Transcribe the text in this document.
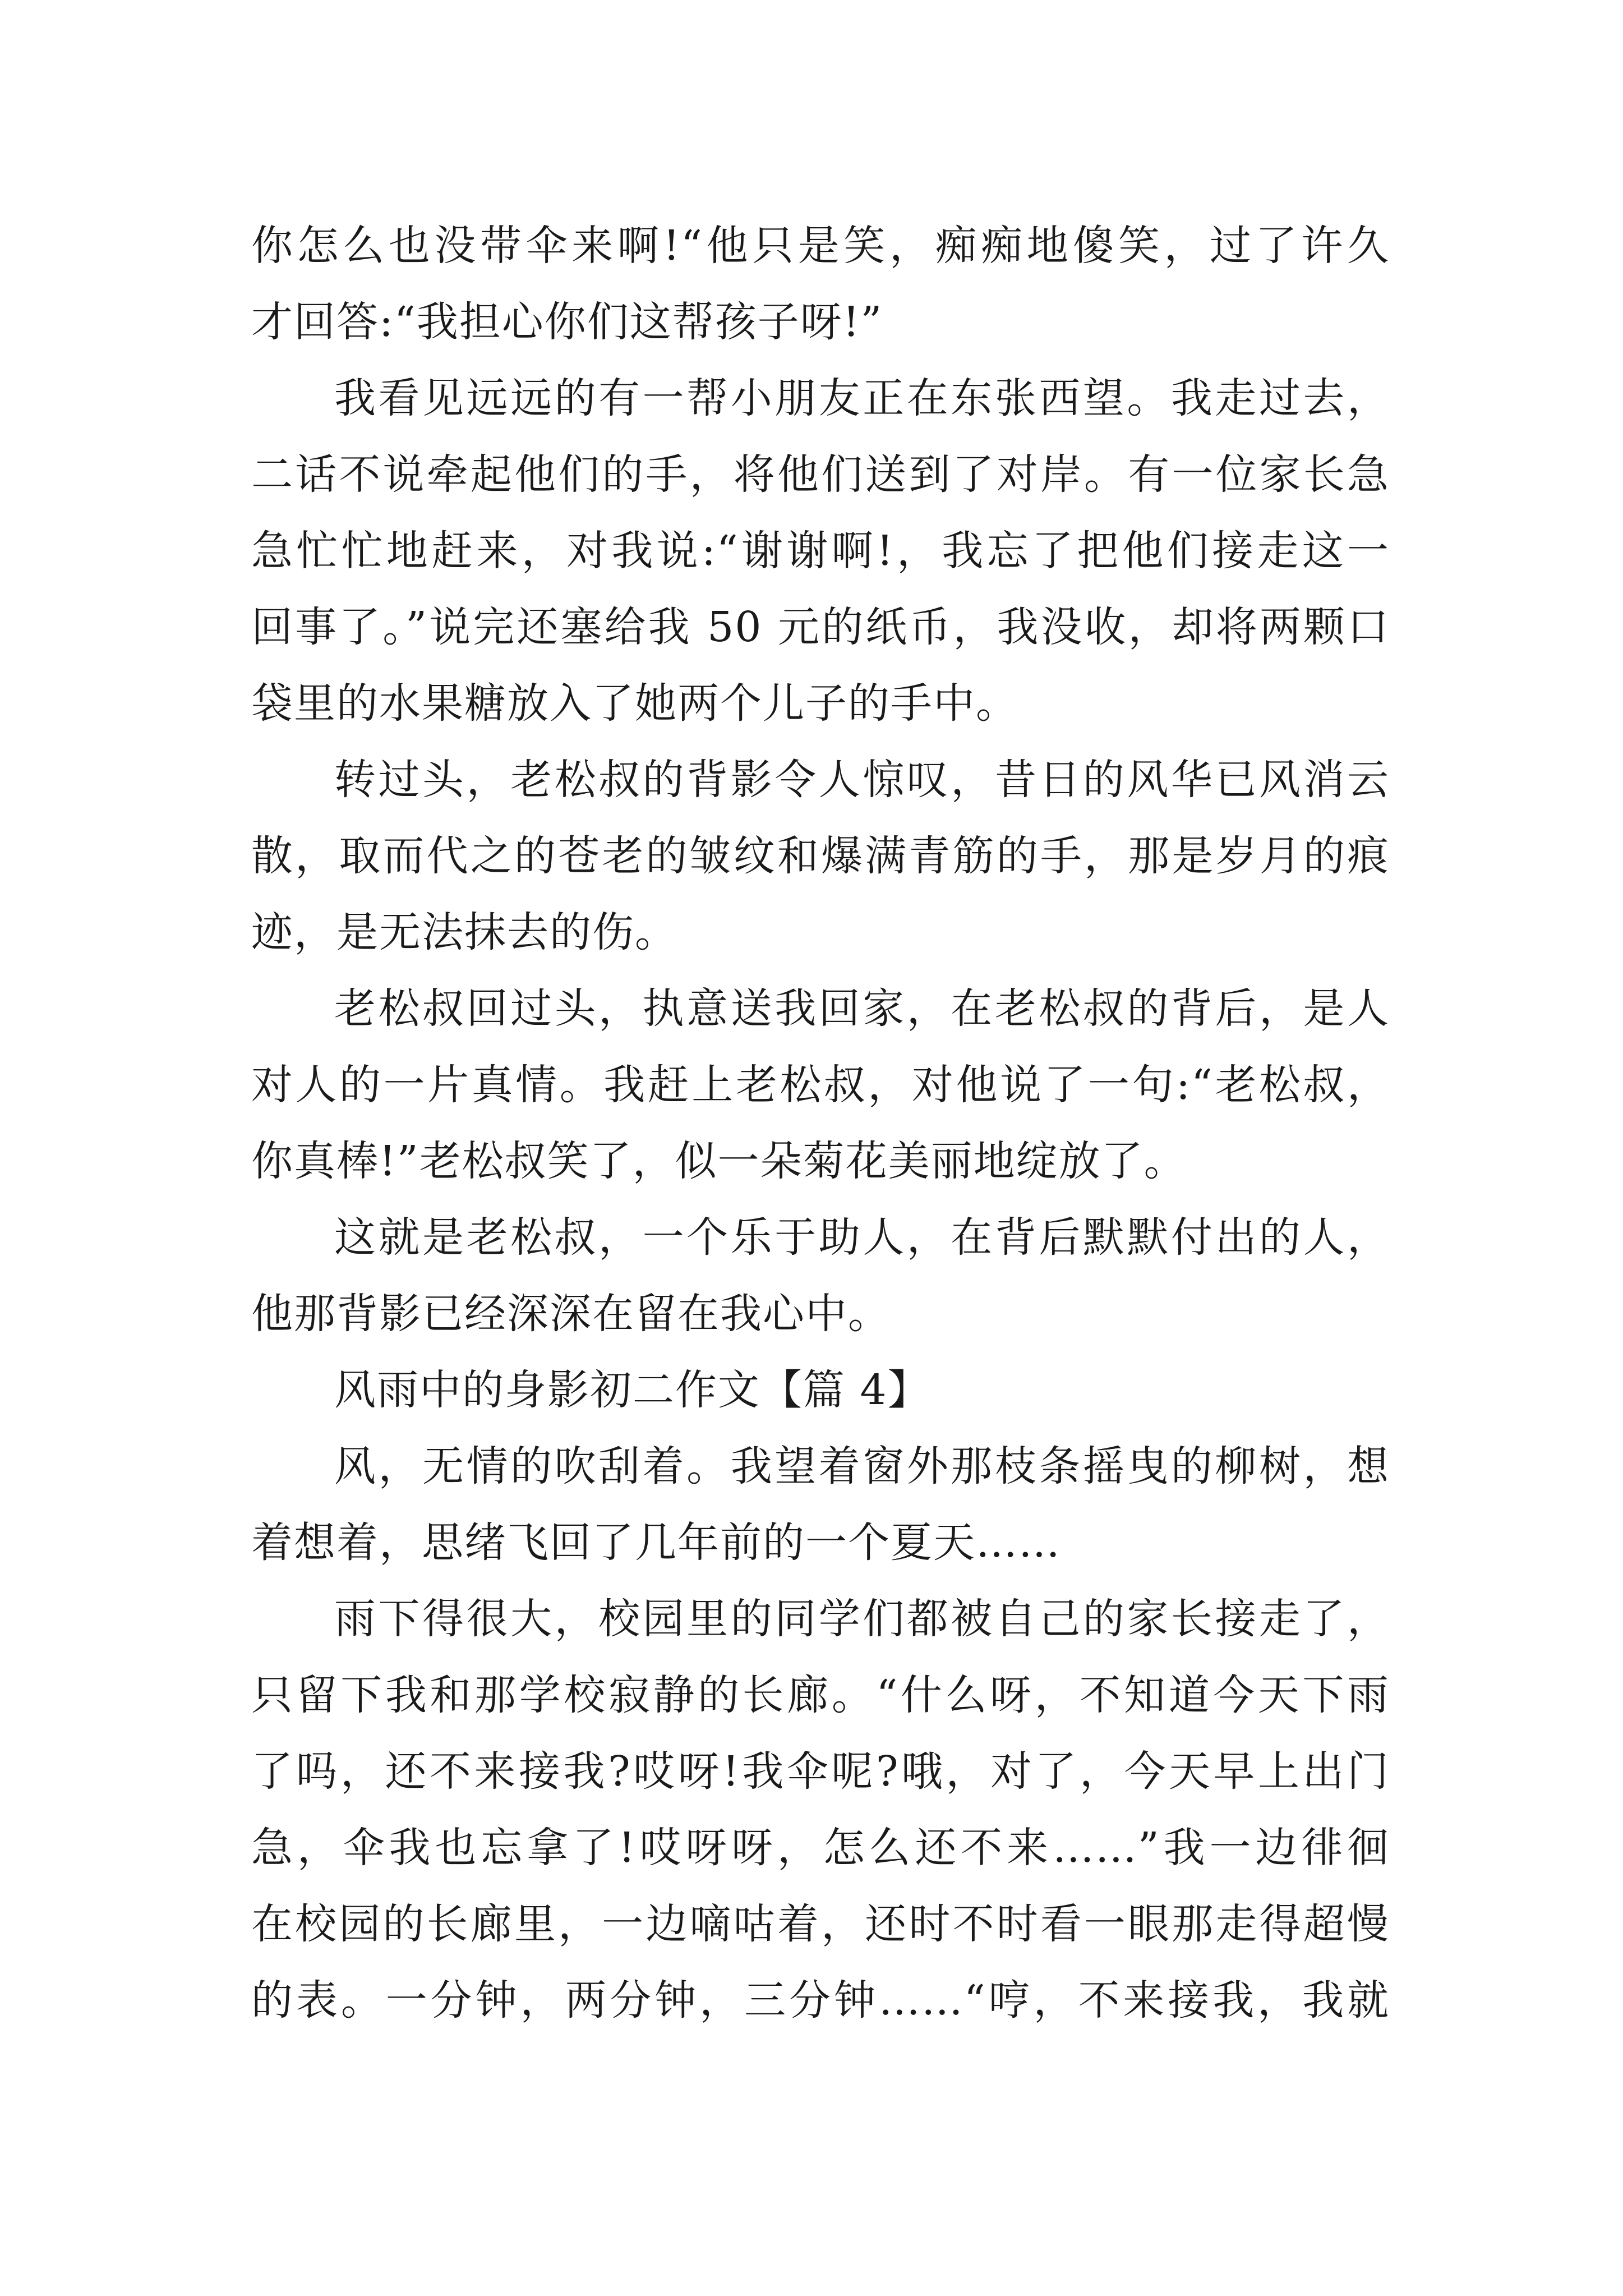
你怎么也没带伞来啊!“他只是笑，痴痴地傻笑，过了许久
才回答:“我担心你们这帮孩子呀!”
我看见远远的有一帮小朋友正在东张西望。我走过去，
二话不说牵起他们的手，将他们送到了对岸。有一位家长急
急忙忙地赶来，对我说:“谢谢啊!，我忘了把他们接走这一
回事了。”说完还塞给我 50 元的纸币，我没收，却将两颗口
袋里的水果糖放入了她两个儿子的手中。
转过头，老松叔的背影令人惊叹，昔日的风华已风消云
散，取而代之的苍老的皱纹和爆满青筋的手，那是岁月的痕
迹，是无法抹去的伤。
老松叔回过头，执意送我回家，在老松叔的背后，是人
对人的一片真情。我赶上老松叔，对他说了一句:“老松叔，
你真棒!”老松叔笑了，似一朵菊花美丽地绽放了。
这就是老松叔，一个乐于助人，在背后默默付出的人，
他那背影已经深深在留在我心中。
风雨中的身影初二作文【篇 4】
风，无情的吹刮着。我望着窗外那枝条摇曳的柳树，想
着想着，思绪飞回了几年前的一个夏天……
雨下得很大，校园里的同学们都被自己的家长接走了，
只留下我和那学校寂静的长廊。“什么呀，不知道今天下雨
了吗，还不来接我?哎呀!我伞呢?哦，对了，今天早上出门
急，伞我也忘拿了!哎呀呀，怎么还不来……”我一边徘徊
在校园的长廊里，一边嘀咕着，还时不时看一眼那走得超慢
的表。一分钟，两分钟，三分钟……“哼，不来接我，我就
